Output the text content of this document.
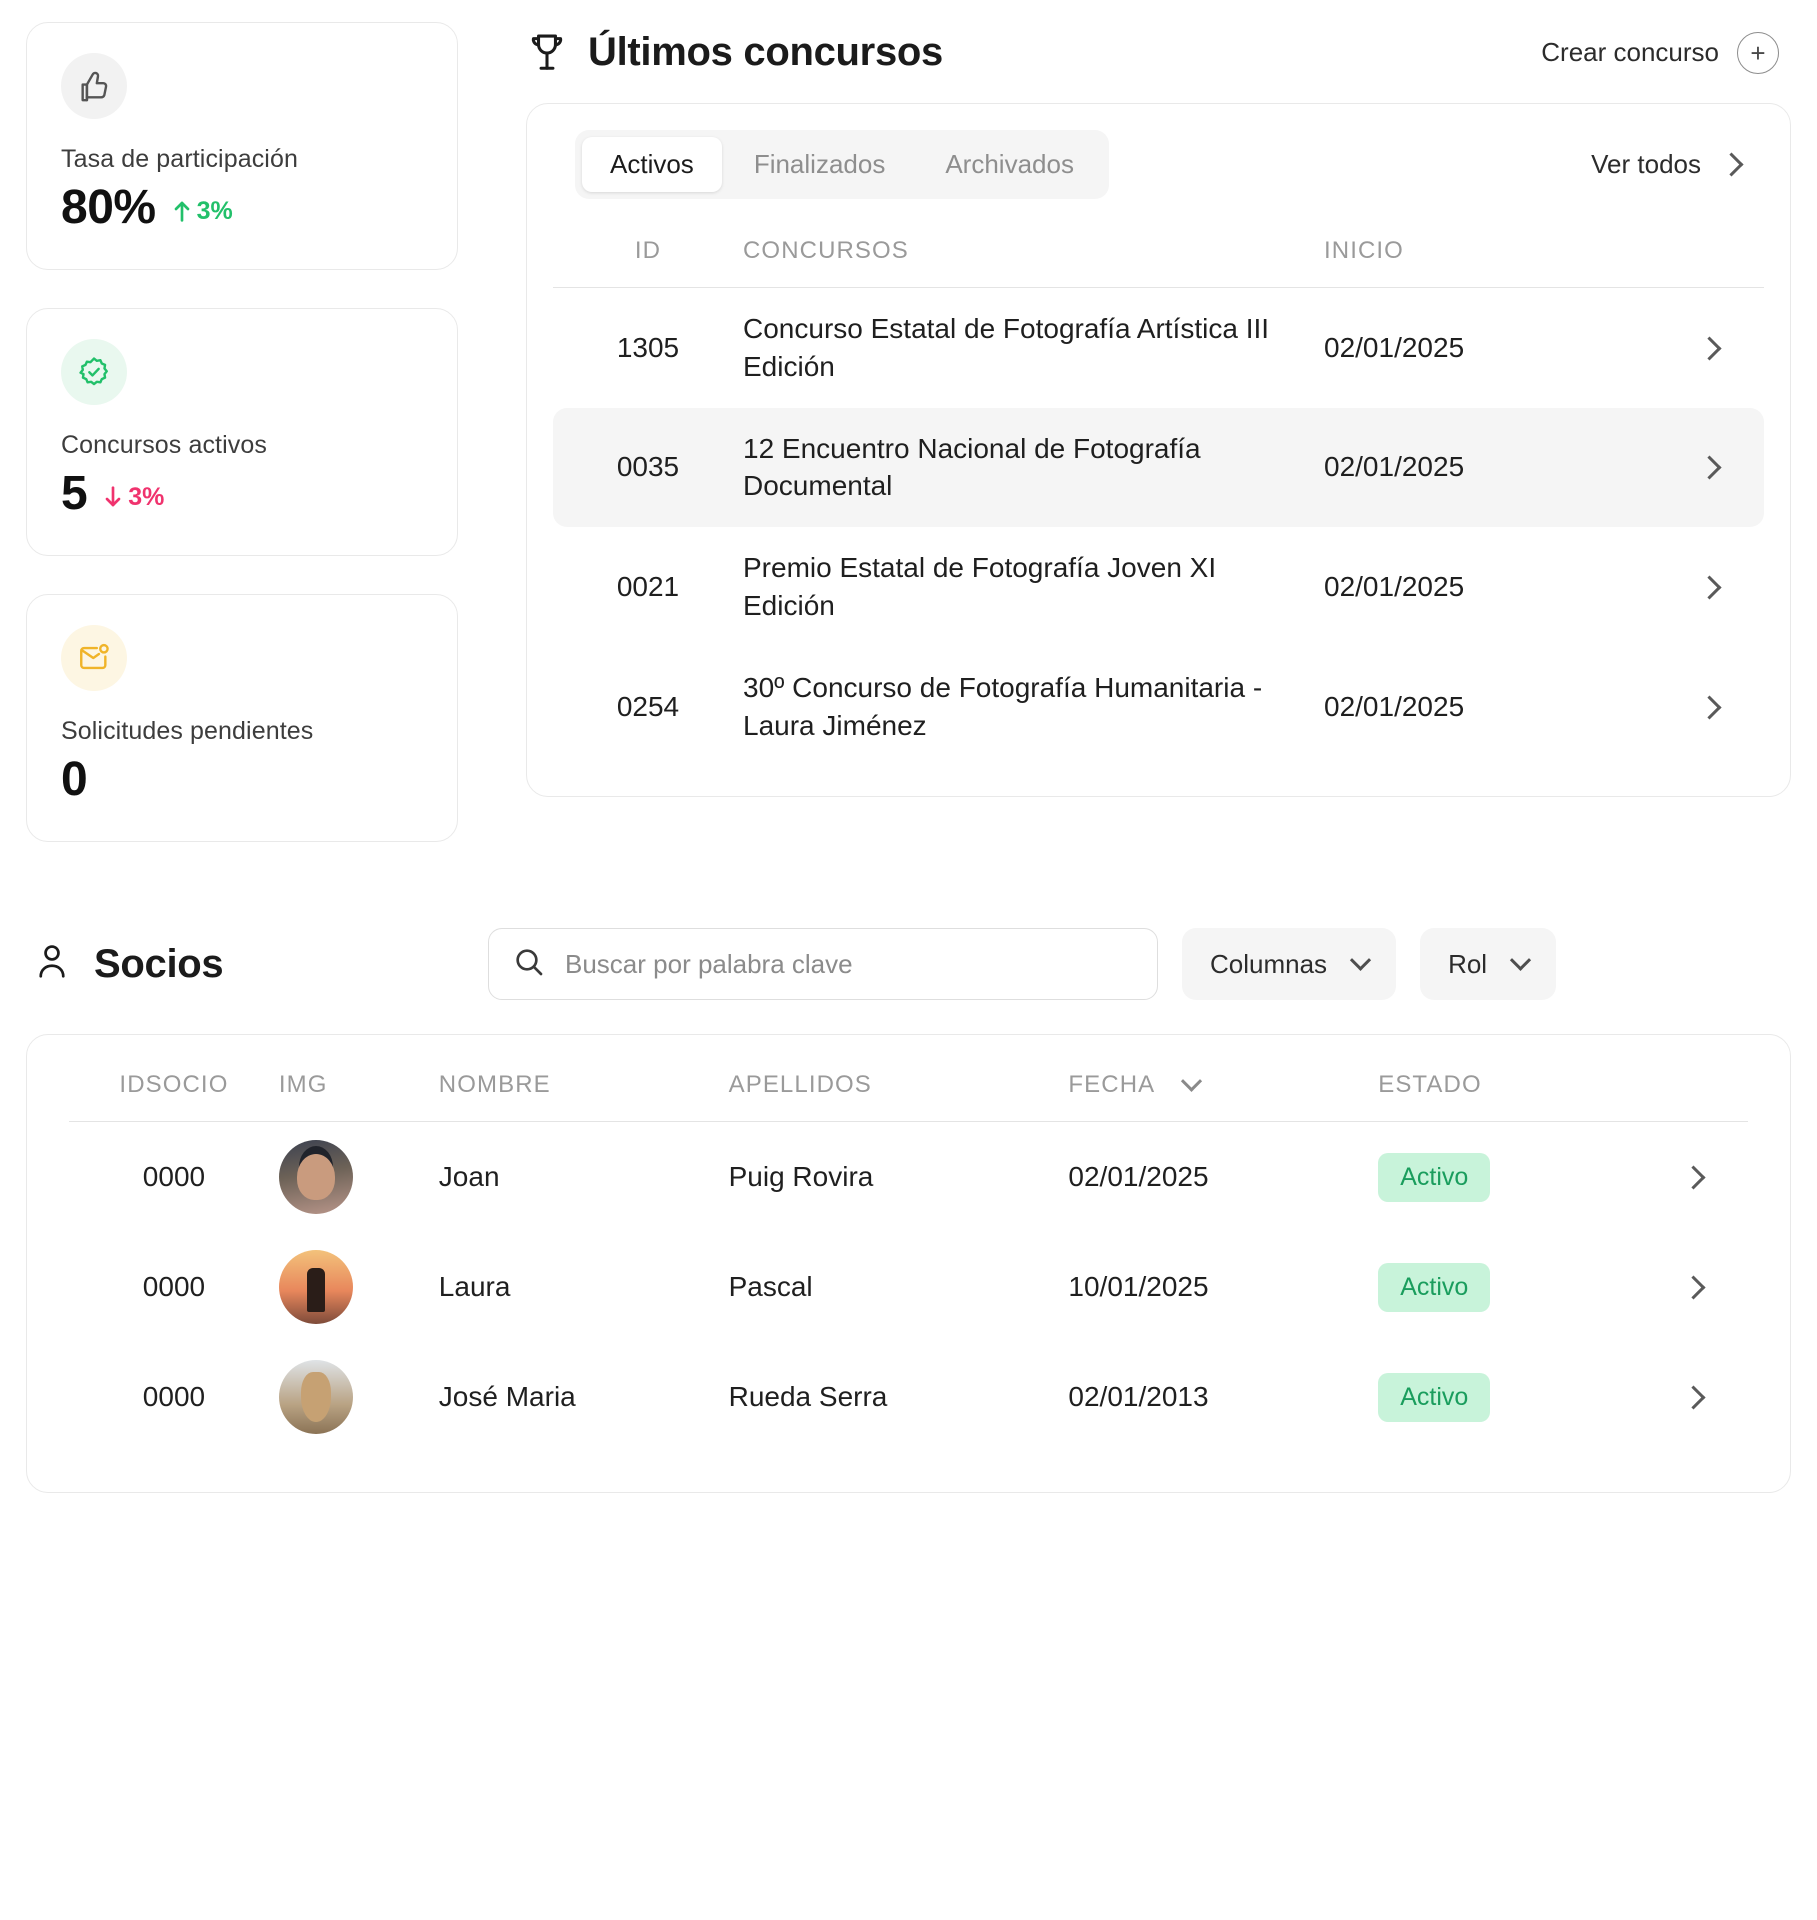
Tasa de participación
80% 3%
Concursos activos
5 3%
Solicitudes pendientes
0
Últimos concursos	Crear concurso	+
Activos	Finalizados	Archivados	Ver todos
ID	CONCURSOS	INICIO	
1305	Concurso Estatal de Fotografía Artística III Edición	02/01/2025	
0035	12 Encuentro Nacional de Fotografía Documental	02/01/2025	
0021	Premio Estatal de Fotografía Joven XI Edición	02/01/2025	
0254	30º Concurso de Fotografía Humanitaria - Laura Jiménez	02/01/2025	
Socios
Buscar por palabra clave	Columnas	Rol
IDSOCIO	IMG	NOMBRE	APELLIDOS	FECHA	ESTADO	
0000		Joan	Puig Rovira	02/01/2025	Activo	
0000		Laura	Pascal	10/01/2025	Activo	
0000		José Maria	Rueda Serra	02/01/2013	Activo	
